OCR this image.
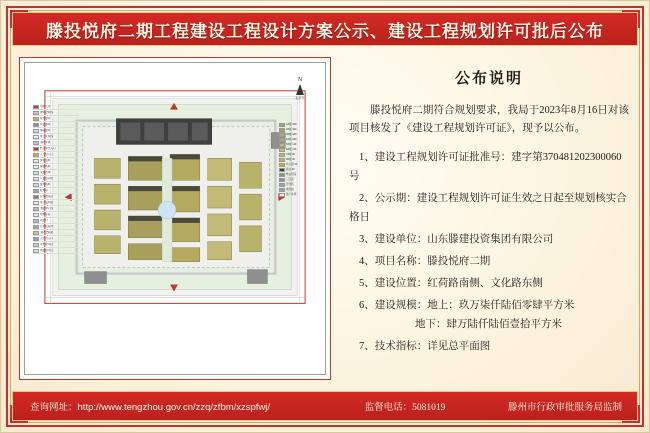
滕投悦府二期工程建设工程设计方案公示、建设工程规划许可批后公布
用地红线
建筑控制线
规划建筑
保留建筑
拆除建筑
地下车库线
消防车道
机动车出入口
人行出入口
绿化用地
铺装场地
景观水体
儿童活动场
健身场地
配电房
垃圾收集点
地下室轮廓
道路中心线
场地标高
雨水口
污水检查井
消防登高面
人防出入口
非机动车位
地面停车位
1#楼 32F
2#楼 32F
3#楼 18F
4#楼 18F
5#楼 11F
6#楼 11F
7#楼 6F
8#楼 6F
幼儿园 3F
商业 2F
物业用房
门卫室
开闭所
换热站
地下车库
N
指北针
公布说明

滕投悦府二期符合规划要求，我局于2023年8月16日对该项目核发了《建设工程规划许可证》，现予以公布。

1、建设工程规划许可证批准号：建字第370481202300060号
2、公示期：建设工程规划许可证生效之日起至规划核实合格日
3、建设单位：山东滕建投资集团有限公司
4、项目名称：滕投悦府二期
5、建设位置：红荷路南侧、文化路东侧
6、建设规模：地上：玖万柒仟陆佰零肆平方米
地下：肆万陆仟陆佰壹拾平方米
7、技术指标：详见总平面图
查询网址：http://www.tengzhou.gov.cn/zzq/zfbm/xzspfwj/	监督电话：5081019	滕州市行政审批服务局监制
